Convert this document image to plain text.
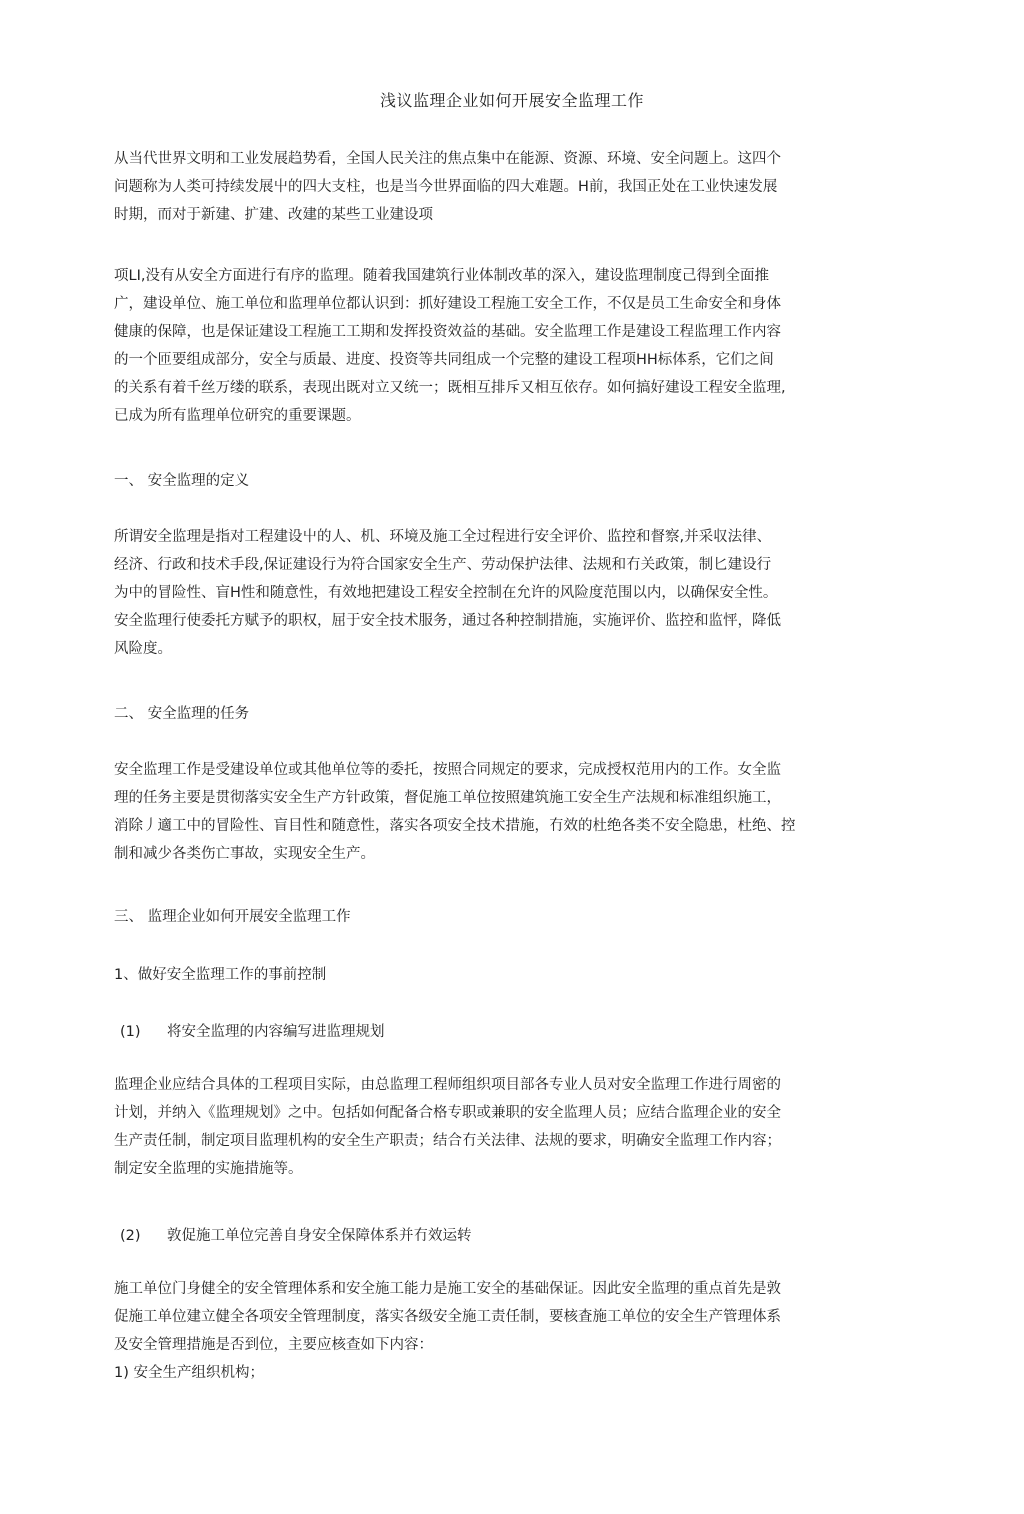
浅议监理企业如何开展安全监理工作
从当代世界文明和工业发展趋势看，全国人民关注的焦点集中在能源、资源、环境、安全问题上。这四个
问题称为人类可持续发展屮的四大支柱，也是当今世界面临的四大难题。H前，我国正处在工业快速发展
时期，而对于新建、扩建、改建的某些工业建设项
项LI,没有从安全方面进行有序的监理。随着我国建筑行业体制改革的深入，建设监理制度己得到全面推
广，建设单位、施工单位和监理单位都认识到：抓好建设工程施工安全工作，不仅是员工生命安全和身体
健康的保障，也是保证建设工程施工工期和发挥投资效益的基础。安全监理工作是建设工程监理工作内容
的一个匝要组成部分，安全与质最、进度、投资等共同组成一个完整的建设工程项HH标体系，它们之间
的关系有着千丝万缕的联系，表现出既对立又统一；既相互排斥又相互依存。如何搞好建设工程安全监理,
已成为所有监理单位研究的重要课题。
一、 安全监理的定义
所谓安全监理是指对工程建设屮的人、机、环境及施工全过程进行安全评价、监控和督察,并采収法律、
经济、行政和技术手段,保证建设行为符合国家安全生产、劳动保护法律、法规和冇关政策，制匕建设行
为中的冒险性、盲H性和随意性，有效地把建设工程安全控制在允许的风险度范围以内，以确保安全性。
安全监理行使委托方赋予的职权，屈于安全技术服务，通过各种控制措施，实施评价、监控和监怦，降低
风险度。
二、 安全监理的任务
安全监理工作是受建设单位或其他单位等的委托，按照合同规定的要求，完成授权范用内的工作。女全监
理的任务主要是贯彻落实安全生产方针政策，督促施工单位按照建筑施工安全生产法规和标准组织施工，
消除丿適工中的冒险性、盲目性和随意性，落实各项安全技术措施，冇效的杜绝各类不安全隐患，杜绝、控
制和减少各类伤亡事故，实现安全生产。
三、 监理企业如何开展安全监理工作
1、做好安全监理工作的事前控制
(1) 将安全监理的内容编写进监理规划
监理企业应结合具体的工程项目实际，由总监理工程师组织项目部各专业人员对安全监理工作进行周密的
计划，并纳入《监理规划》之中。包括如何配备合格专职或兼职的安全监理人员；应结合监理企业的安全
生产责任制，制定项目监理机构的安全生产职责；结合冇关法律、法规的要求，明确安全监理工作内容；
制定安全监理的实施措施等。
(2) 敦促施工单位完善自身安全保障体系并冇效运转
施工单位门身健全的安全管理体系和安全施工能力是施工安全的基础保证。因此安全监理的重点首先是敦
促施工单位建立健全各项安全管理制度，落实各级安全施工责任制，要核査施工单位的安全生产管理体系
及安全管理措施是否到位，主要应核查如下内容：
1) 安全生产组织机构；
